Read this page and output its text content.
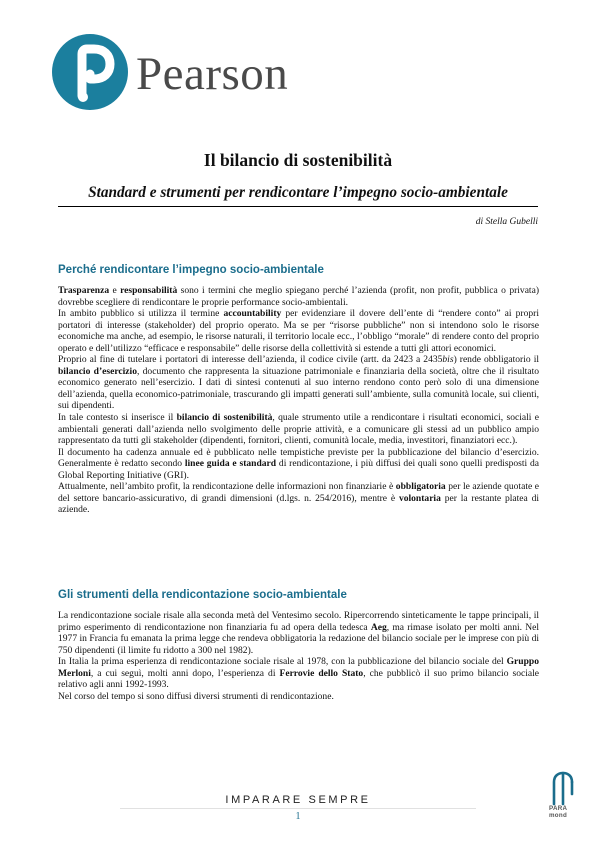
Pearson
Il bilancio di sostenibilità
Standard e strumenti per rendicontare l’impegno socio-ambientale
di Stella Gubelli
Perché rendicontare l’impegno socio-ambientale

Trasparenza e responsabilità sono i termini che meglio spiegano perché l’azienda (profit, non profit, pubblica o privata) dovrebbe scegliere di rendicontare le proprie performance socio-ambientali.

In ambito pubblico si utilizza il termine accountability per evidenziare il dovere dell’ente di “rendere conto” ai propri portatori di interesse (stakeholder) del proprio operato. Ma se per “risorse pubbliche” non si intendono solo le risorse economiche ma anche, ad esempio, le risorse naturali, il territorio locale ecc., l’obbligo “morale” di rendere conto del proprio operato e dell’utilizzo “efficace e responsabile” delle risorse della collettività si estende a tutti gli attori economici.

Proprio al fine di tutelare i portatori di interesse dell’azienda, il codice civile (artt. da 2423 a 2435bis) rende obbligatorio il bilancio d’esercizio, documento che rappresenta la situazione patrimoniale e finanziaria della società, oltre che il risultato economico generato nell’esercizio. I dati di sintesi contenuti al suo interno rendono conto però solo di una dimensione dell’azienda, quella economico-patrimoniale, trascurando gli impatti generati sull’ambiente, sulla comunità locale, sui clienti, sui dipendenti.

In tale contesto si inserisce il bilancio di sostenibilità, quale strumento utile a rendicontare i risultati economici, sociali e ambientali generati dall’azienda nello svolgimento delle proprie attività, e a comunicare gli stessi ad un pubblico ampio rappresentato da tutti gli stakeholder (dipendenti, fornitori, clienti, comunità locale, media, investitori, finanziatori ecc.).

Il documento ha cadenza annuale ed è pubblicato nelle tempistiche previste per la pubblicazione del bilancio d’esercizio. Generalmente è redatto secondo linee guida e standard di rendicontazione, i più diffusi dei quali sono quelli predisposti da Global Reporting Initiative (GRI).

Attualmente, nell’ambito profit, la rendicontazione delle informazioni non finanziarie è obbligatoria per le aziende quotate e del settore bancario-assicurativo, di grandi dimensioni (d.lgs. n. 254/2016), mentre è volontaria per la restante platea di aziende.

Gli strumenti della rendicontazione socio-ambientale

La rendicontazione sociale risale alla seconda metà del Ventesimo secolo. Ripercorrendo sinteticamente le tappe principali, il primo esperimento di rendicontazione non finanziaria fu ad opera della tedesca Aeg, ma rimase isolato per molti anni. Nel 1977 in Francia fu emanata la prima legge che rendeva obbligatoria la redazione del bilancio sociale per le imprese con più di 750 dipendenti (il limite fu ridotto a 300 nel 1982).

In Italia la prima esperienza di rendicontazione sociale risale al 1978, con la pubblicazione del bilancio sociale del Gruppo Merloni, a cui seguì, molti anni dopo, l’esperienza di Ferrovie dello Stato, che pubblicò il suo primo bilancio sociale relativo agli anni 1992-1993.

Nel corso del tempo si sono diffusi diversi strumenti di rendicontazione.

IMPARARE SEMPRE
1
PARA
mond
